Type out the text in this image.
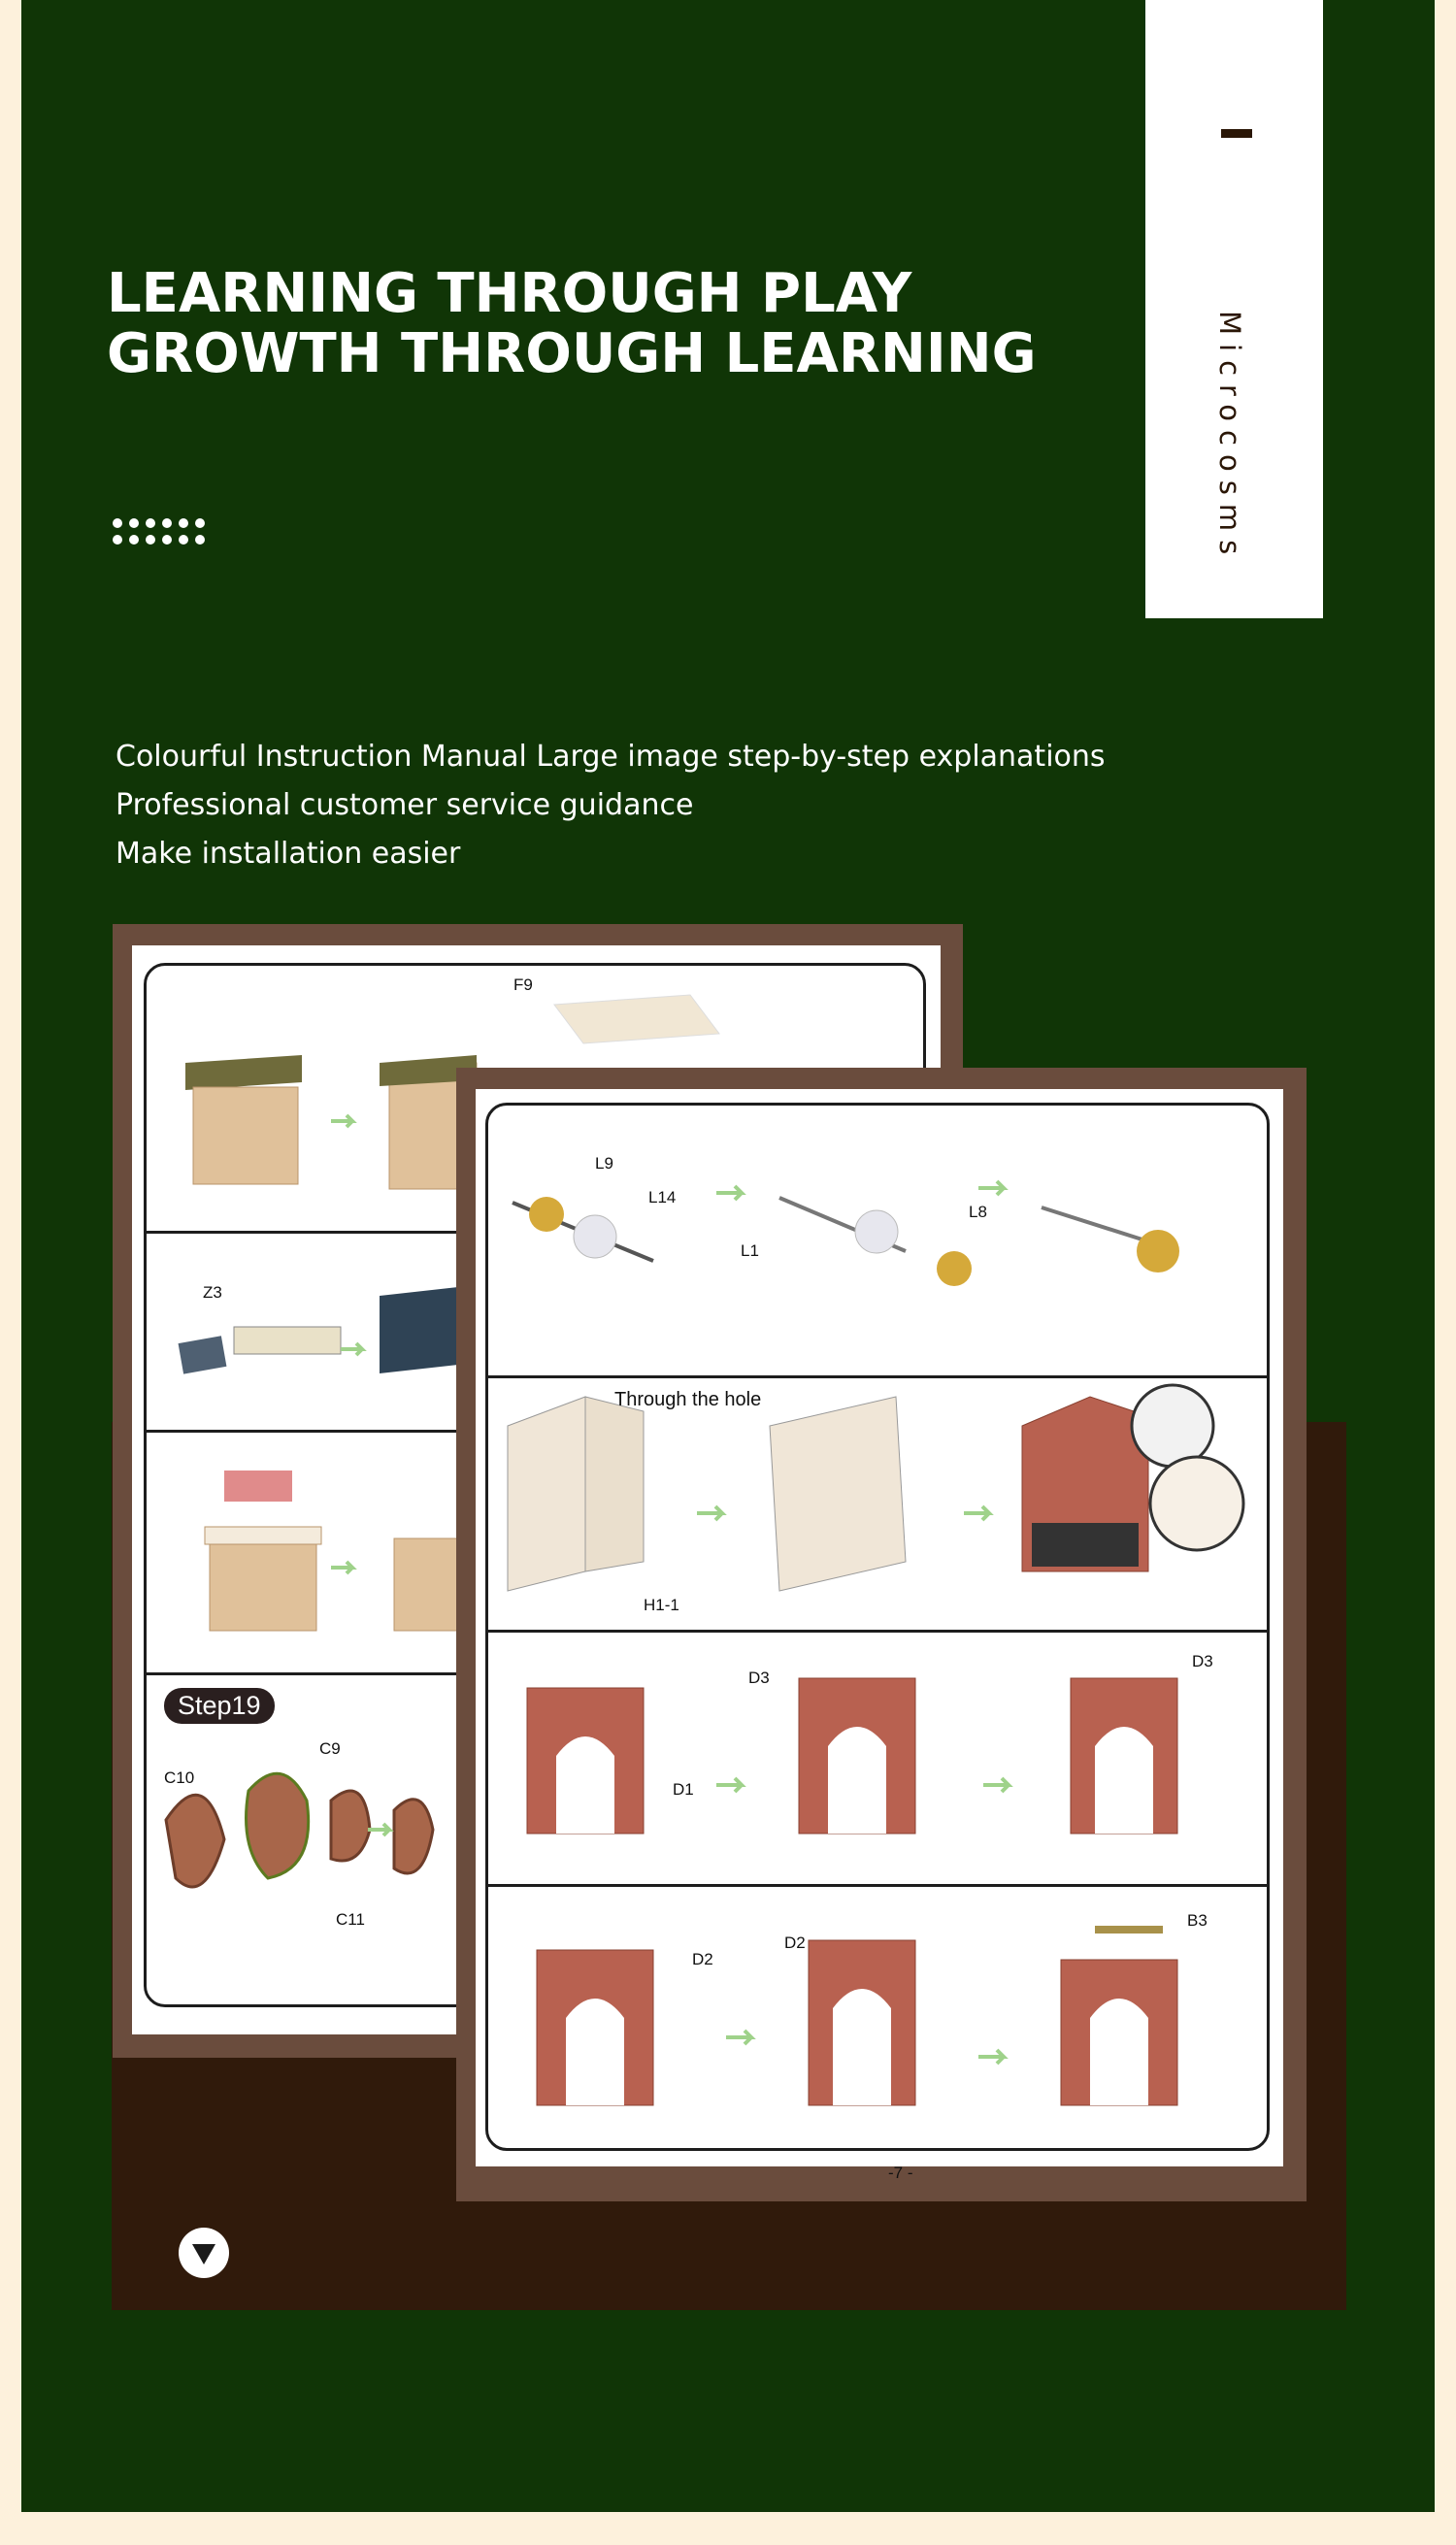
LEARNING THROUGH PLAY
GROWTH THROUGH LEARNING	Microcosms
Colourful Instruction Manual Large image step-by-step explanations
Professional customer service guidance
Make installation easier
F9
Z3
C10
C9
C11
Step19
L9
L14
L1
L8
H1-1
D3
D1
D3
D2
D2
B3
Through the hole
-7 -
